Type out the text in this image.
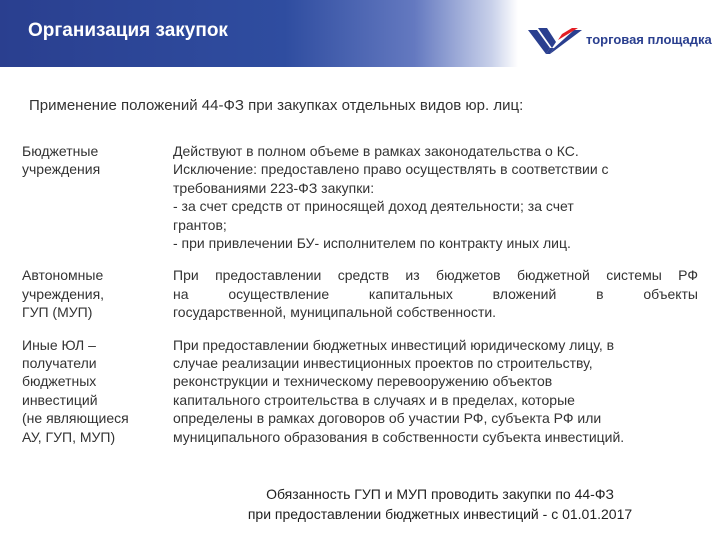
Организация закупок	торговая площадка
Применение положений 44-ФЗ при закупках отдельных видов юр. лиц:
Бюджетные
учреждения
Действуют в полном объеме в рамках законодательства о КС.
Исключение: предоставлено право осуществлять в соответствии с
требованиями 223-ФЗ закупки:
- за счет средств от приносящей доход деятельности; за счет
грантов;
- при привлечении БУ- исполнителем по контракту иных лиц.
Автономные
учреждения,
ГУП (МУП)
При предоставлении средств из бюджетов бюджетной системы РФ
на осуществление капитальных вложений в объекты
государственной, муниципальной собственности.
Иные ЮЛ –
получатели
бюджетных
инвестиций
(не являющиеся
АУ, ГУП, МУП)
При предоставлении бюджетных инвестиций юридическому лицу, в
случае реализации инвестиционных проектов по строительству,
реконструкции и техническому перевооружению объектов
капитального строительства в случаях и в пределах, которые
определены в рамках договоров об участии РФ, субъекта РФ или
муниципального образования в собственности субъекта инвестиций.
Обязанность ГУП и МУП проводить закупки по 44-ФЗ
при предоставлении бюджетных инвестиций - с 01.01.2017
